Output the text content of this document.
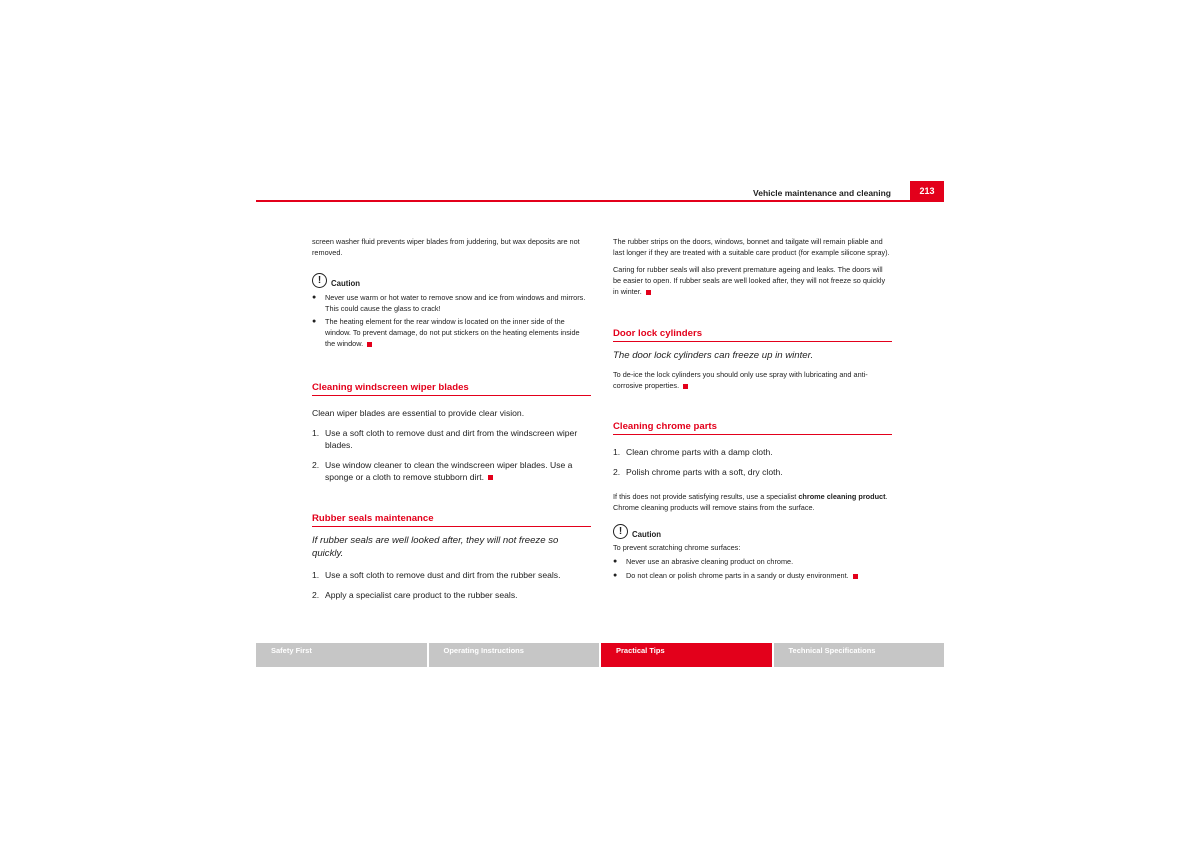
Vehicle maintenance and cleaning	213

screen washer fluid prevents wiper blades from juddering, but wax deposits are not removed.

!	Caution
●	Never use warm or hot water to remove snow and ice from windows and mirrors. This could cause the glass to crack!
●	The heating element for the rear window is located on the inner side of the window. To prevent damage, do not put stickers on the heating elements inside the window.
Cleaning windscreen wiper blades

Clean wiper blades are essential to provide clear vision.

1. Use a soft cloth to remove dust and dirt from the windscreen wiper blades.
2. Use window cleaner to clean the windscreen wiper blades. Use a sponge or a cloth to remove stubborn dirt.
Rubber seals maintenance

If rubber seals are well looked after, they will not freeze so quickly.

1. Use a soft cloth to remove dust and dirt from the rubber seals.
2. Apply a specialist care product to the rubber seals.

The rubber strips on the doors, windows, bonnet and tailgate will remain pliable and last longer if they are treated with a suitable care product (for example silicone spray).

Caring for rubber seals will also prevent premature ageing and leaks. The doors will be easier to open. If rubber seals are well looked after, they will not freeze so quickly in winter.

Door lock cylinders

The door lock cylinders can freeze up in winter.

To de-ice the lock cylinders you should only use spray with lubricating and anti-corrosive properties.

Cleaning chrome parts
1. Clean chrome parts with a damp cloth.
2. Polish chrome parts with a soft, dry cloth.

If this does not provide satisfying results, use a specialist chrome cleaning product. Chrome cleaning products will remove stains from the surface.

!	Caution

To prevent scratching chrome surfaces:

●	Never use an abrasive cleaning product on chrome.
●	Do not clean or polish chrome parts in a sandy or dusty environment.
Safety First	Operating Instructions	Practical Tips	Technical Specifications
